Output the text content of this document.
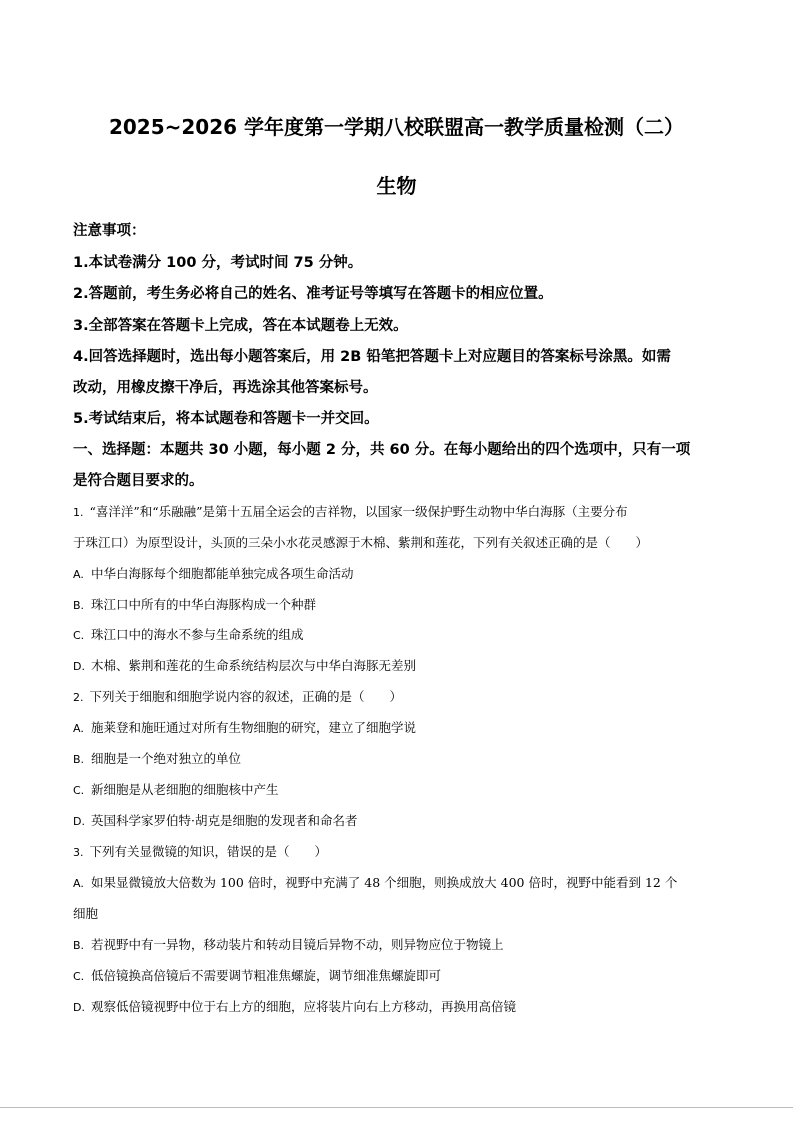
2025~2026 学年度第一学期八校联盟高一教学质量检测（二）
生物
注意事项：
1.本试卷满分 100 分，考试时间 75 分钟。
2.答题前，考生务必将自己的姓名、准考证号等填写在答题卡的相应位置。
3.全部答案在答题卡上完成，答在本试题卷上无效。
4.回答选择题时，选出每小题答案后，用 2B 铅笔把答题卡上对应题目的答案标号涂黑。如需
改动，用橡皮擦干净后，再选涂其他答案标号。
5.考试结束后，将本试题卷和答题卡一并交回。
一、选择题：本题共 30 小题，每小题 2 分，共 60 分。在每小题给出的四个选项中，只有一项
是符合题目要求的。
1. “喜洋洋”和“乐融融”是第十五届全运会的吉祥物，以国家一级保护野生动物中华白海豚（主要分布
于珠江口）为原型设计，头顶的三朵小水花灵感源于木棉、紫荆和莲花，下列有关叙述正确的是（　　）
A. 中华白海豚每个细胞都能单独完成各项生命活动
B. 珠江口中所有的中华白海豚构成一个种群
C. 珠江口中的海水不参与生命系统的组成
D. 木棉、紫荆和莲花的生命系统结构层次与中华白海豚无差别
2. 下列关于细胞和细胞学说内容的叙述，正确的是（　　）
A. 施莱登和施旺通过对所有生物细胞的研究，建立了细胞学说
B. 细胞是一个绝对独立的单位
C. 新细胞是从老细胞的细胞核中产生
D. 英国科学家罗伯特·胡克是细胞的发现者和命名者
3. 下列有关显微镜的知识，错误的是（　　）
A. 如果显微镜放大倍数为 100 倍时，视野中充满了 48 个细胞，则换成放大 400 倍时，视野中能看到 12 个
细胞
B. 若视野中有一异物，移动装片和转动目镜后异物不动，则异物应位于物镜上
C. 低倍镜换高倍镜后不需要调节粗准焦螺旋，调节细准焦螺旋即可
D. 观察低倍镜视野中位于右上方的细胞，应将装片向右上方移动，再换用高倍镜
